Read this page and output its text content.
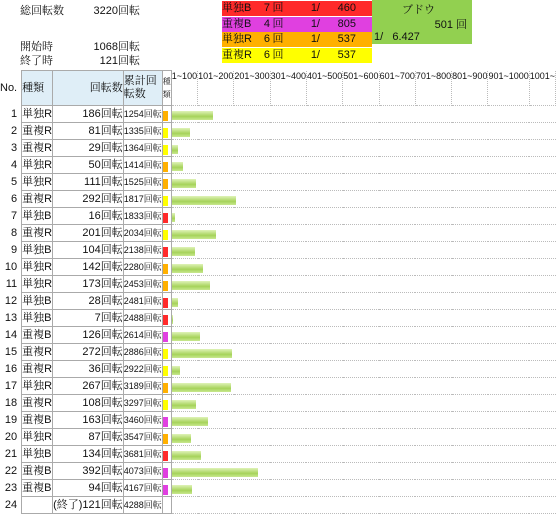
総回転数	3220回転
開始時	1068回転
終了時	121回転
単独B 7 回 1/ 460
重複B 4 回 1/ 805
単独R 6 回 1/ 537
重複R 6 回 1/ 537
ブドウ
501 回
1/ 6.427
No.	種類	回転数	累計回転数	種類	1~100	101~200	201~300	301~400	401~500	501~600	601~700	701~800	801~900	901~1000	1001~
1	単独R	186回転	1254回転											

2	重複R	81回転	1335回転											

3	重複R	29回転	1364回転											

4	単独R	50回転	1414回転											

5	単独R	111回転	1525回転											

6	重複R	292回転	1817回転											

7	単独B	16回転	1833回転											

8	重複R	201回転	2034回転											

9	単独B	104回転	2138回転											

10	単独R	142回転	2280回転											

11	単独R	173回転	2453回転											

12	単独B	28回転	2481回転											

13	単独B	7回転	2488回転											

14	重複B	126回転	2614回転											

15	重複R	272回転	2886回転											

16	重複R	36回転	2922回転											

17	単独R	267回転	3189回転											

18	重複R	108回転	3297回転											

19	重複B	163回転	3460回転											

20	単独R	87回転	3547回転											

21	単独B	134回転	3681回転											

22	重複B	392回転	4073回転											

23	重複B	94回転	4167回転											

24		(終了)121回転	4288回転											
